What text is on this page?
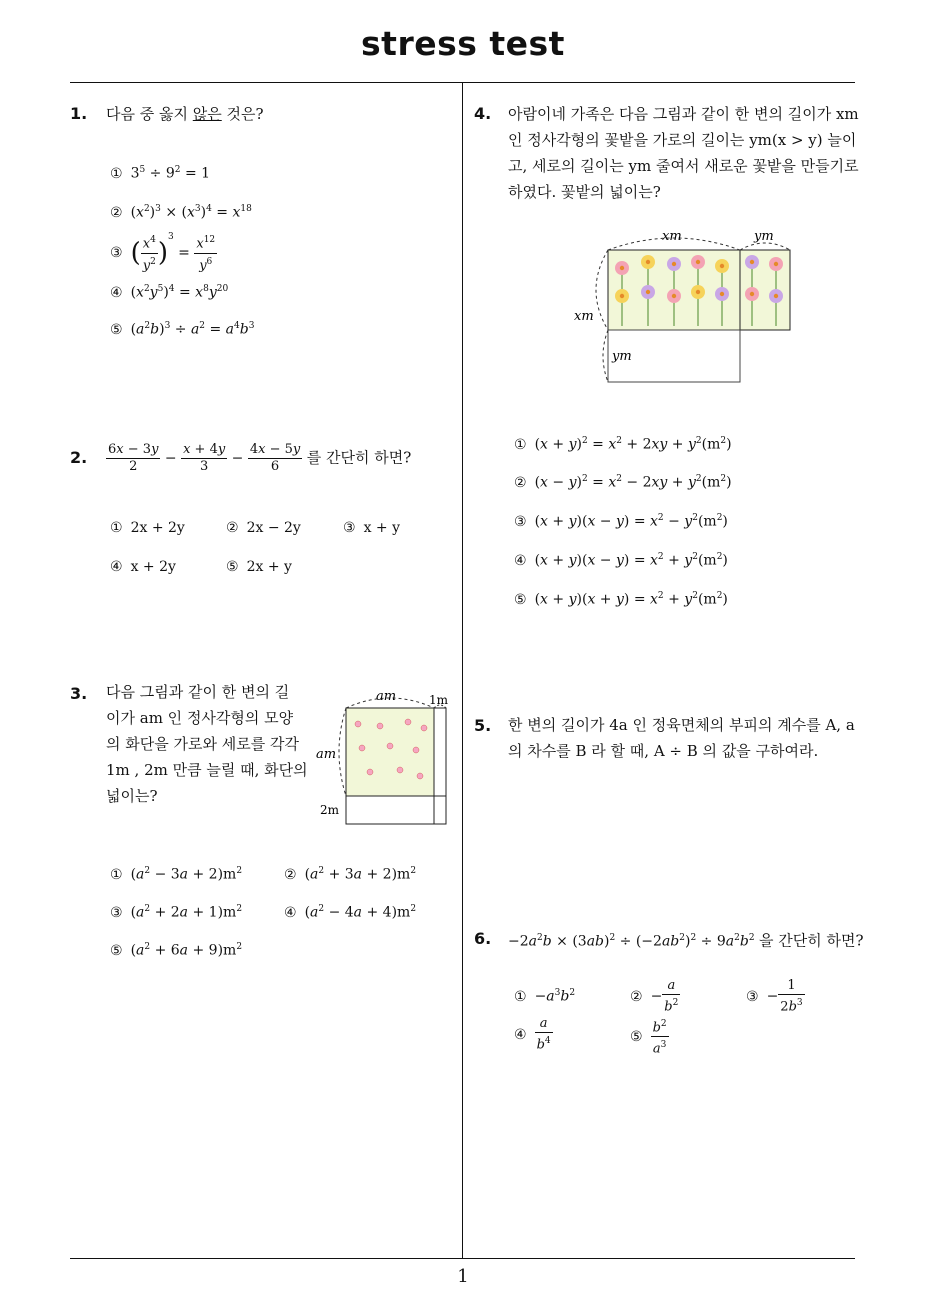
stress test
1
1. 다음 중 옳지 않은 것은?
① $3^5 \div 9^2 = 1$
② $(x^2)^3 \times (x^3)^4 = x^{18}$
③ ( $\frac{x^4}{y^2} )^3 = \frac{x^{12}}{y^6}$
④ $(x^2y^5)^4 = x^8y^{20}$
⑤ $(a^2b)^3 \div a^2 = a^4b^3$
2. $\frac{6x - 3y}{2} - \frac{x + 4y}{3} - \frac{4x - 5y}{6}$ 를 간단히 하면?
① 2x + 2y	② 2x − 2y	③ x + y
④ x + 2y	⑤ 2x + y
3. 다음 그림과 같이 한 변의 길
이가 am 인 정사각형의 모양
의 화단을 가로와 세로를 각각
1m , 2m 만큼 늘릴 때, 화단의
넓이는?
am	1m
am
2m
① $(a^2 - 3a + 2)m^2$	② $(a^2 + 3a + 2)m^2$
③ $(a^2 + 2a + 1)m^2$	④ $(a^2 - 4a + 4)m^2$
⑤ $(a^2 + 6a + 9)m^2$
4. 아람이네 가족은 다음 그림과 같이 한 변의 길이가 xm
인 정사각형의 꽃밭을 가로의 길이는 ym(x > y) 늘이
고, 세로의 길이는 ym 줄여서 새로운 꽃밭을 만들기로
하였다. 꽃밭의 넓이는?
xm	ym
xm
ym
① $(x + y)^2 = x^2 + 2xy + y^2(m^2)$
② $(x - y)^2 = x^2 - 2xy + y^2(m^2)$
③ $(x + y)(x - y) = x^2 - y^2(m^2)$
④ $(x + y)(x - y) = x^2 + y^2(m^2)$
⑤ $(x + y)(x + y) = x^2 + y^2(m^2)$
5. 한 변의 길이가 4a 인 정육면체의 부피의 계수를 A, a
의 차수를 B 라 할 때, A ÷ B 의 값을 구하여라.
6. $-2a^2b \times (3ab)^2 \div (-2ab^2)^2 \div 9a^2b^2$ 을 간단히 하면?
① $-a^3b^2$	② − $\frac{a}{b^2}$	③ − $\frac{1}{2b^3}$
④ $\frac{a}{b^4}$	⑤ $\frac{b^2}{a^3}$
